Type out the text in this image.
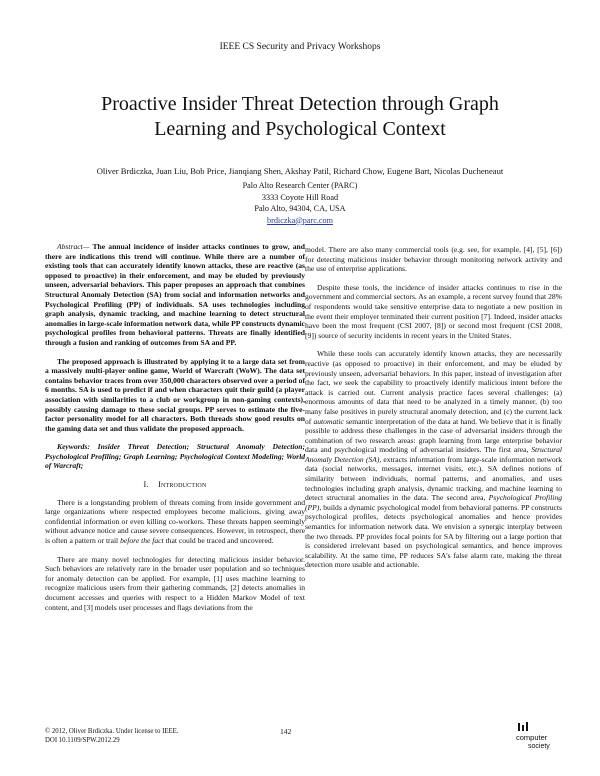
IEEE CS Security and Privacy Workshops
Proactive Insider Threat Detection through Graph
Learning and Psychological Context
Oliver Brdiczka, Juan Liu, Bob Price, Jianqiang Shen, Akshay Patil, Richard Chow, Eugene Bart, Nicolas Ducheneaut
Palo Alto Research Center (PARC)
3333 Coyote Hill Road
Palo Alto, 94304, CA, USA
brdiczka@parc.com

Abstract— The annual incidence of insider attacks continues to grow, and there are indications this trend will continue. While there are a number of existing tools that can accurately identify known attacks, these are reactive (as opposed to proactive) in their enforcement, and may be eluded by previously unseen, adversarial behaviors. This paper proposes an approach that combines Structural Anomaly Detection (SA) from social and information networks and Psychological Profiling (PP) of individuals. SA uses technologies including graph analysis, dynamic tracking, and machine learning to detect structural anomalies in large-scale information network data, while PP constructs dynamic psychological profiles from behavioral patterns. Threats are finally identified through a fusion and ranking of outcomes from SA and PP.

The proposed approach is illustrated by applying it to a large data set from a massively multi-player online game, World of Warcraft (WoW). The data set contains behavior traces from over 350,000 characters observed over a period of 6 months. SA is used to predict if and when characters quit their guild (a player association with similarities to a club or workgroup in non-gaming contexts), possibly causing damage to these social groups. PP serves to estimate the five-factor personality model for all characters. Both threads show good results on the gaming data set and thus validate the proposed approach.

Keywords: Insider Threat Detection; Structural Anomaly Detection; Psychological Profiling; Graph Learning; Psychological Context Modeling; World of Warcraft;

I. Introduction

There is a longstanding problem of threats coming from inside government and large organizations where respected employees become malicious, giving away confidential information or even killing co-workers. These threats happen seemingly without advance notice and cause severe consequences. However, in retrospect, there is often a pattern or trail before the fact that could be traced and uncovered.

There are many novel technologies for detecting malicious insider behavior. Such behaviors are relatively rare in the broader user population and so techniques for anomaly detection can be applied. For example, [1] uses machine learning to recognize malicious users from their gathering commands, [2] detects anomalies in document accesses and queries with respect to a Hidden Markov Model of text content, and [3] models user processes and flags deviations from the

model. There are also many commercial tools (e.g. see, for example, [4], [5], [6]) for detecting malicious insider behavior through monitoring network activity and the use of enterprise applications.

Despite these tools, the incidence of insider attacks continues to rise in the government and commercial sectors. As an example, a recent survey found that 28% of respondents would take sensitive enterprise data to negotiate a new position in the event their employer terminated their current position [7]. Indeed, insider attacks have been the most frequent (CSI 2007, [8]) or second most frequent (CSI 2008, [9]) source of security incidents in recent years in the United States.

While these tools can accurately identify known attacks, they are necessarily reactive (as opposed to proactive) in their enforcement, and may be eluded by previously unseen, adversarial behaviors. In this paper, instead of investigation after the fact, we seek the capability to proactively identify malicious intent before the attack is carried out. Current analysis practice faces several challenges: (a) enormous amounts of data that need to be analyzed in a timely manner, (b) too many false positives in purely structural anomaly detection, and (c) the current lack of automatic semantic interpretation of the data at hand. We believe that it is finally possible to address these challenges in the case of adversarial insiders through the combination of two research areas: graph learning from large enterprise behavior data and psychological modeling of adversarial insiders. The first area, Structural Anomaly Detection (SA), extracts information from large-scale information network data (social networks, messages, internet visits, etc.). SA defines notions of similarity between individuals, normal patterns, and anomalies, and uses technologies including graph analysis, dynamic tracking, and machine learning to detect structural anomalies in the data. The second area, Psychological Profiling (PP), builds a dynamic psychological model from behavioral patterns. PP constructs psychological profiles, detects psychological anomalies and hence provides semantics for information network data. We envision a synergic interplay between the two threads. PP provides focal points for SA by filtering out a large portion that is considered irrelevant based on psychological semantics, and hence improves scalability. At the same time, PP reduces SA's false alarm rate, making the threat detection more usable and actionable.

© 2012, Oliver Brdiczka. Under license to IEEE.
DOI 10.1109/SPW.2012.29
142
computer
society
